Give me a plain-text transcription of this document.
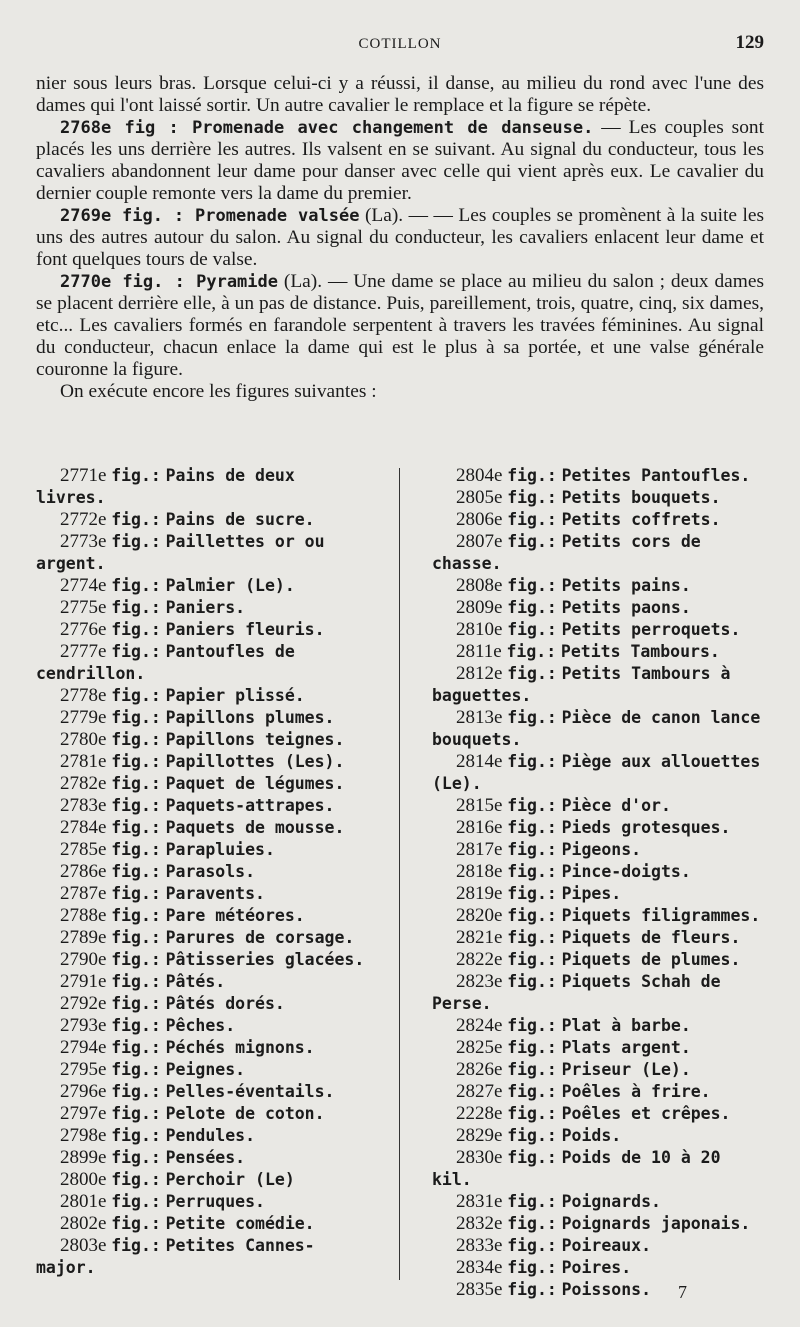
COTILLON	129

nier sous leurs bras. Lorsque celui-ci y a réussi, il danse, au milieu du rond avec l'une des dames qui l'ont laissé sortir. Un autre cavalier le remplace et la figure se répète.

2768e fig : Promenade avec changement de danseuse. — Les couples sont placés les uns derrière les autres. Ils valsent en se suivant. Au signal du conducteur, tous les cavaliers abandonnent leur dame pour danser avec celle qui vient après eux. Le cavalier du dernier couple remonte vers la dame du premier.

2769e fig. : Promenade valsée (La). — — Les couples se promènent à la suite les uns des autres autour du salon. Au signal du conducteur, les cavaliers enlacent leur dame et font quelques tours de valse.

2770e fig. : Pyramide (La). — Une dame se place au milieu du salon ; deux dames se placent derrière elle, à un pas de distance. Puis, pareillement, trois, quatre, cinq, six dames, etc... Les cavaliers formés en farandole serpentent à travers les travées féminines. Au signal du conducteur, chacun enlace la dame qui est le plus à sa portée, et une valse générale couronne la figure.

On exécute encore les figures suivantes :

2771e fig.: Pains de deux livres.
2772e fig.: Pains de sucre.
2773e fig.: Paillettes or ou argent.
2774e fig.: Palmier (Le).
2775e fig.: Paniers.
2776e fig.: Paniers fleuris.
2777e fig.: Pantoufles de cendrillon.
2778e fig.: Papier plissé.
2779e fig.: Papillons plumes.
2780e fig.: Papillons teignes.
2781e fig.: Papillottes (Les).
2782e fig.: Paquet de légumes.
2783e fig.: Paquets-attrapes.
2784e fig.: Paquets de mousse.
2785e fig.: Parapluies.
2786e fig.: Parasols.
2787e fig.: Paravents.
2788e fig.: Pare météores.
2789e fig.: Parures de corsage.
2790e fig.: Pâtisseries glacées.
2791e fig.: Pâtés.
2792e fig.: Pâtés dorés.
2793e fig.: Pêches.
2794e fig.: Péchés mignons.
2795e fig.: Peignes.
2796e fig.: Pelles-éventails.
2797e fig.: Pelote de coton.
2798e fig.: Pendules.
2899e fig.: Pensées.
2800e fig.: Perchoir (Le)
2801e fig.: Perruques.
2802e fig.: Petite comédie.
2803e fig.: Petites Cannes-major.
2804e fig.: Petites Pantoufles.
2805e fig.: Petits bouquets.
2806e fig.: Petits coffrets.
2807e fig.: Petits cors de chasse.
2808e fig.: Petits pains.
2809e fig.: Petits paons.
2810e fig.: Petits perroquets.
2811e fig.: Petits Tambours.
2812e fig.: Petits Tambours à baguettes.
2813e fig.: Pièce de canon lance bouquets.
2814e fig.: Piège aux allouettes (Le).
2815e fig.: Pièce d'or.
2816e fig.: Pieds grotesques.
2817e fig.: Pigeons.
2818e fig.: Pince-doigts.
2819e fig.: Pipes.
2820e fig.: Piquets filigrammes.
2821e fig.: Piquets de fleurs.
2822e fig.: Piquets de plumes.
2823e fig.: Piquets Schah de Perse.
2824e fig.: Plat à barbe.
2825e fig.: Plats argent.
2826e fig.: Priseur (Le).
2827e fig.: Poêles à frire.
2228e fig.: Poêles et crêpes.
2829e fig.: Poids.
2830e fig.: Poids de 10 à 20 kil.
2831e fig.: Poignards.
2832e fig.: Poignards japonais.
2833e fig.: Poireaux.
2834e fig.: Poires.
2835e fig.: Poissons.	7
